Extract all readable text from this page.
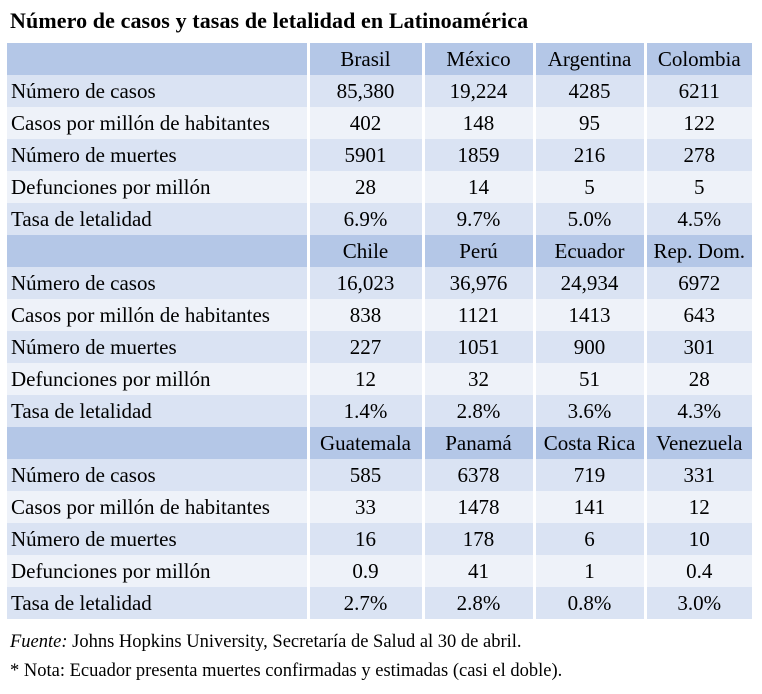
Número de casos y tasas de letalidad en Latinoamérica
	Brasil	México	Argentina	Colombia
Número de casos	85,380	19,224	4285	6211
Casos por millón de habitantes	402	148	95	122
Número de muertes	5901	1859	216	278
Defunciones por millón	28	14	5	5
Tasa de letalidad	6.9%	9.7%	5.0%	4.5%
	Chile	Perú	Ecuador	Rep. Dom.
Número de casos	16,023	36,976	24,934	6972
Casos por millón de habitantes	838	1121	1413	643
Número de muertes	227	1051	900	301
Defunciones por millón	12	32	51	28
Tasa de letalidad	1.4%	2.8%	3.6%	4.3%
	Guatemala	Panamá	Costa Rica	Venezuela
Número de casos	585	6378	719	331
Casos por millón de habitantes	33	1478	141	12
Número de muertes	16	178	6	10
Defunciones por millón	0.9	41	1	0.4
Tasa de letalidad	2.7%	2.8%	0.8%	3.0%
Fuente: Johns Hopkins University, Secretaría de Salud al 30 de abril.
* Nota: Ecuador presenta muertes confirmadas y estimadas (casi el doble).
